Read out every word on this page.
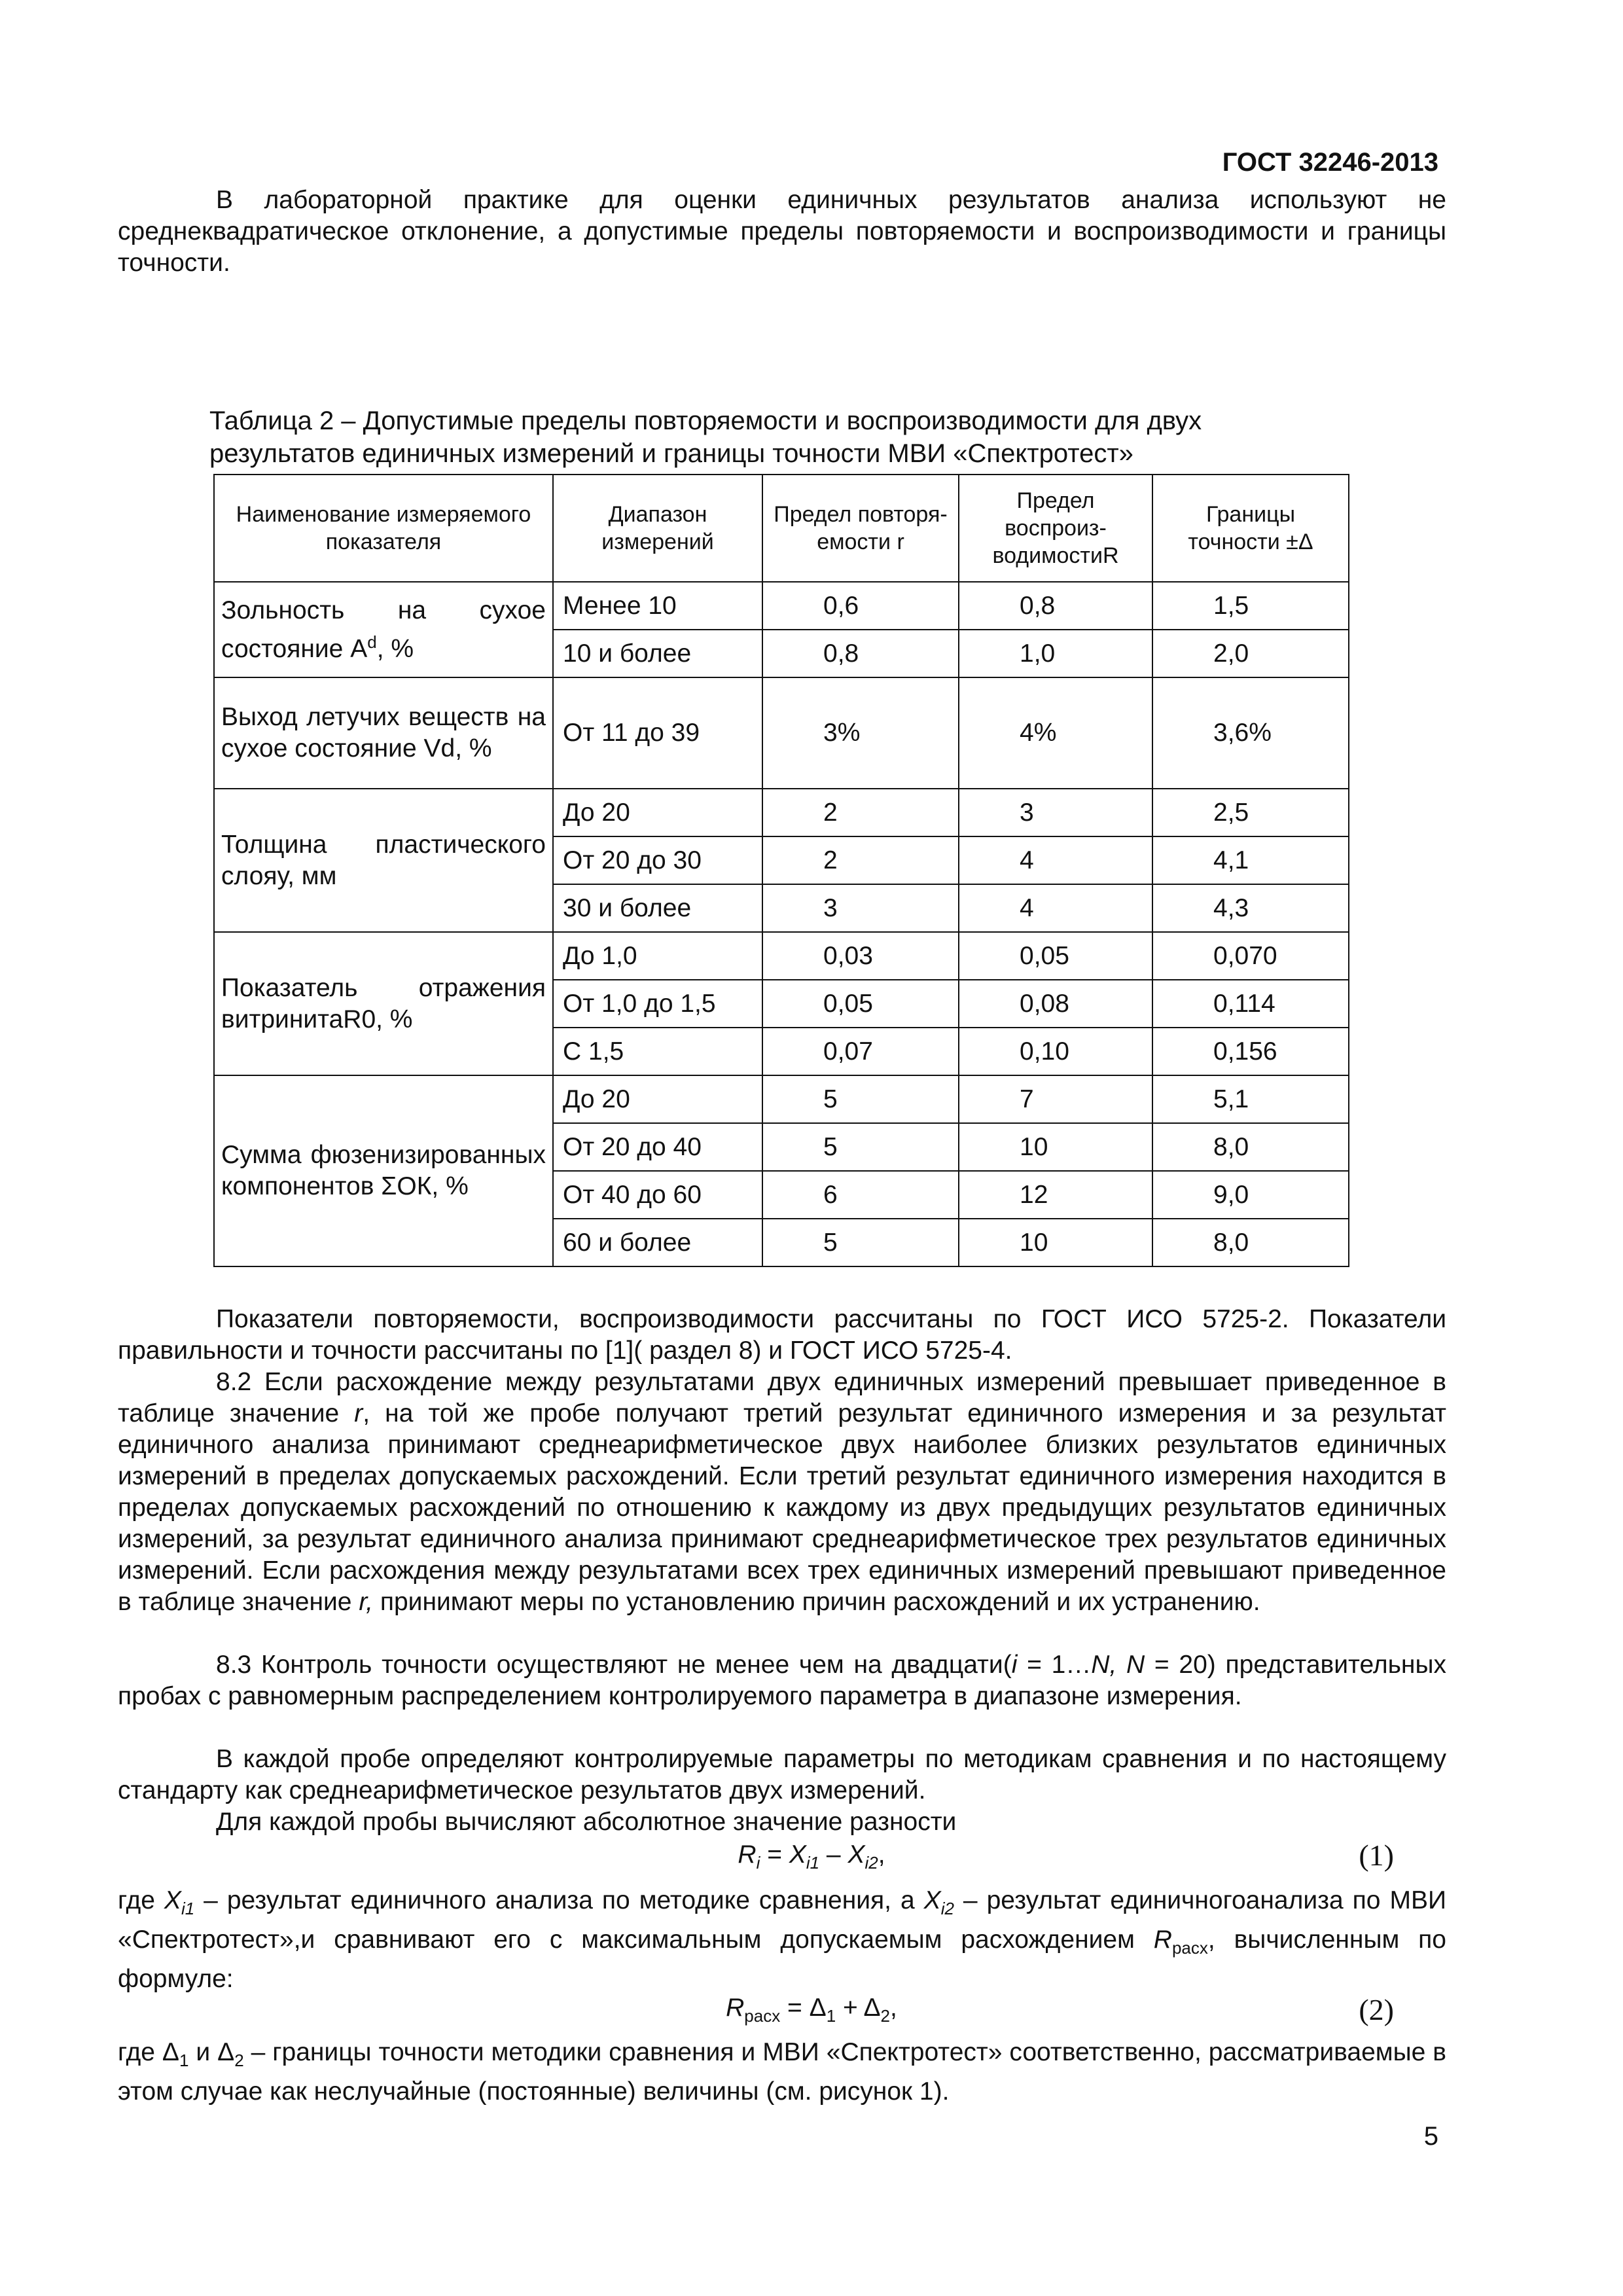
ГОСТ 32246-2013

В лабораторной практике для оценки единичных результатов анализа используют не среднеквадратическое отклонение, а допустимые пределы повторяемости и воспроизводимости и границы точности.

Таблица 2 – Допустимые пределы повторяемости и воспроизводимости для двух результатов единичных измерений и границы точности МВИ «Спектротест»
Наименование измеряемого показателя	Диапазон измерений	Предел повторя- емости r	Предел воспроиз- водимостиR	Границы точности ±Δ
Зольность на сухое состояние $A^d$, %	Менее 10	0,6	0,8	1,5
	10 и более	0,8	1,0	2,0
Выход летучих веществ на сухое состояние Vd, %	От 11 до 39	3%	4%	3,6%
Толщина пластического слояу, мм	До 20	2	3	2,5
	От 20 до 30	2	4	4,1
	30 и более	3	4	4,3
Показатель отражения витринитаR0, %	До 1,0	0,03	0,05	0,070
	От 1,0 до 1,5	0,05	0,08	0,114
	С 1,5	0,07	0,10	0,156
Сумма фюзенизированных компонентов ΣОК, %	До 20	5	7	5,1
	От 20 до 40	5	10	8,0
	От 40 до 60	6	12	9,0
	60 и более	5	10	8,0

Показатели повторяемости, воспроизводимости рассчитаны по ГОСТ ИСО 5725-2. Показатели правильности и точности рассчитаны по [1]( раздел 8) и ГОСТ ИСО 5725-4.

8.2 Если расхождение между результатами двух единичных измерений превышает приведенное в таблице значение r, на той же пробе получают третий результат единичного измерения и за результат единичного анализа принимают среднеарифметическое двух наиболее близких результатов единичных измерений в пределах допускаемых расхождений. Если третий результат единичного измерения находится в пределах допускаемых расхождений по отношению к каждому из двух предыдущих результатов единичных измерений, за результат единичного анализа принимают среднеарифметическое трех результатов единичных измерений. Если расхождения между результатами всех трех единичных измерений превышают приведенное в таблице значение r, принимают меры по установлению причин расхождений и их устранению.

8.3 Контроль точности осуществляют не менее чем на двадцати(i = 1…N, N = 20) представительных пробах с равномерным распределением контролируемого параметра в диапазоне измерения.

В каждой пробе определяют контролируемые параметры по методикам сравнения и по настоящему стандарту как среднеарифметическое результатов двух измерений.

Для каждой пробы вычисляют абсолютное значение разности

$R_i = X_{i1} - X_{i2}$,	(1)

где $X_{i1}$ – результат единичного анализа по методике сравнения, а $X_{i2}$ – результат единичногоанализа по МВИ «Спектротест»,и сравнивают его с максимальным допускаемым расхождением $R_{расх}$, вычисленным по формуле:

$R_{расх} = \Delta_1 + \Delta_2$,	(2)

где $\Delta_1$ и $\Delta_2$ – границы точности методики сравнения и МВИ «Спектротест» соответственно, рассматриваемые в этом случае как неслучайные (постоянные) величины (см. рисунок 1).

5
